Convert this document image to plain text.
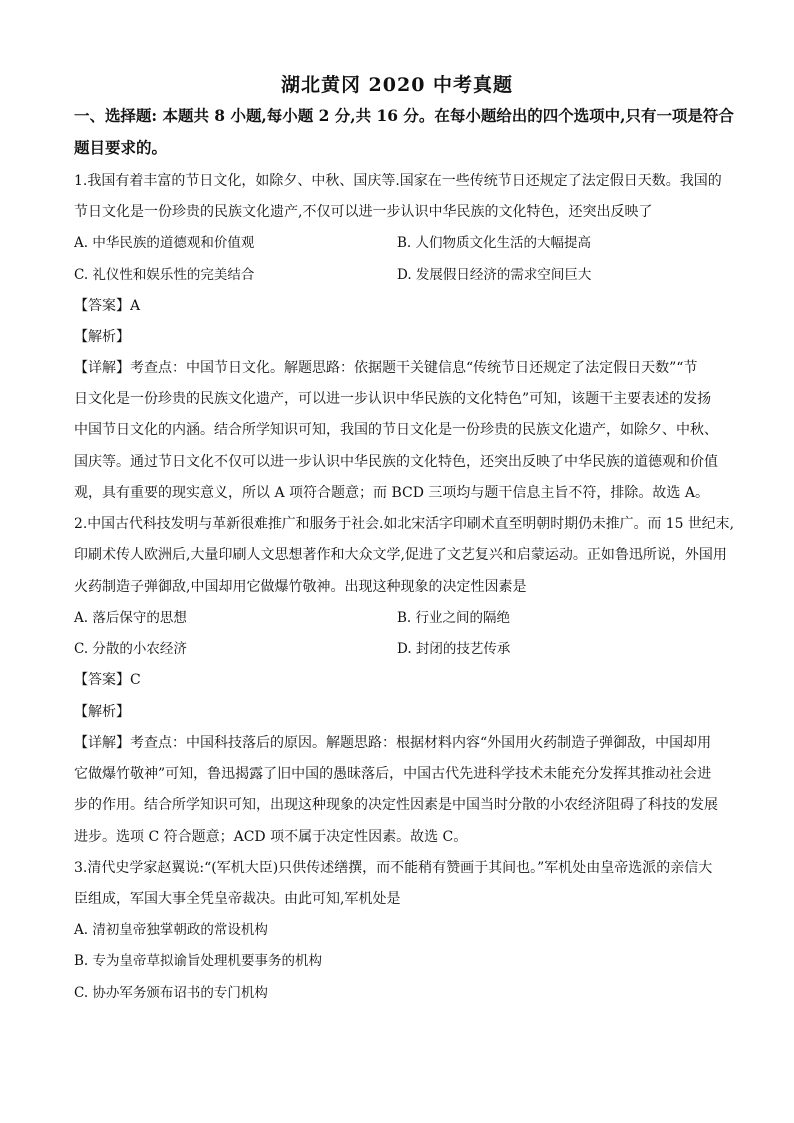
湖北黄冈 2020 中考真题
一、选择题: 本题共 8 小题,每小题 2 分,共 16 分。在每小题给出的四个选项中,只有一项是符合
题目要求的。
1.我国有着丰富的节日文化，如除夕、中秋、国庆等.国家在一些传统节日还规定了法定假日天数。我国的
节日文化是一份珍贵的民族文化遗产,不仅可以进一步认识中华民族的文化特色，还突出反映了
A. 中华民族的道德观和价值观	B. 人们物质文化生活的大幅提高
C. 礼仪性和娱乐性的完美结合	D. 发展假日经济的需求空间巨大
【答案】A
【解析】
【详解】考查点：中国节日文化。解题思路：依据题干关键信息“传统节日还规定了法定假日天数”“节
日文化是一份珍贵的民族文化遗产，可以进一步认识中华民族的文化特色”可知，该题干主要表述的发扬
中国节日文化的内涵。结合所学知识可知，我国的节日文化是一份珍贵的民族文化遗产，如除夕、中秋、
国庆等。通过节日文化不仅可以进一步认识中华民族的文化特色，还突出反映了中华民族的道德观和价值
观，具有重要的现实意义，所以 A 项符合题意；而 BCD 三项均与题干信息主旨不符，排除。故选 A。
2.中国古代科技发明与革新很难推广和服务于社会.如北宋活字印刷术直至明朝时期仍未推广。而 15 世纪末,
印刷术传人欧洲后,大量印刷人文思想著作和大众文学,促进了文艺复兴和启蒙运动。正如鲁迅所说，外国用
火药制造子弹御敌,中国却用它做爆竹敬神。出现这种现象的决定性因素是
A. 落后保守的思想	B. 行业之间的隔绝
C. 分散的小农经济	D. 封闭的技艺传承
【答案】C
【解析】
【详解】考查点：中国科技落后的原因。解题思路：根据材料内容“外国用火药制造子弹御敌，中国却用
它做爆竹敬神”可知，鲁迅揭露了旧中国的愚昧落后，中国古代先进科学技术未能充分发挥其推动社会进
步的作用。结合所学知识可知，出现这种现象的决定性因素是中国当时分散的小农经济阻碍了科技的发展
进步。选项 C 符合题意；ACD 项不属于决定性因素。故选 C。
3.清代史学家赵翼说:“(军机大臣)只供传述缮撰，而不能稍有赞画于其间也。”军机处由皇帝选派的亲信大
臣组成，军国大事全凭皇帝裁决。由此可知,军机处是
A. 清初皇帝独掌朝政的常设机构
B. 专为皇帝草拟谕旨处理机要事务的机构
C. 协办军务颁布诏书的专门机构
